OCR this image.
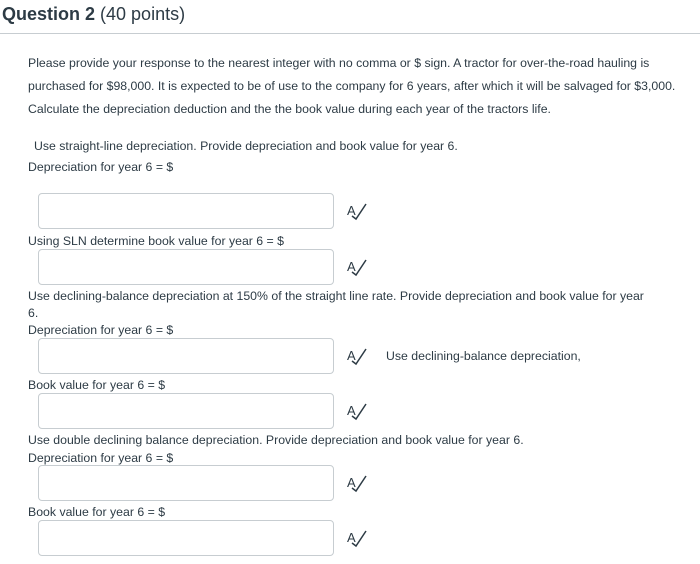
Question 2 (40 points)
Please provide your response to the nearest integer with no comma or $ sign. A tractor for over-the-road hauling is purchased for $98,000. It is expected to be of use to the company for 6 years, after which it will be salvaged for $3,000. Calculate the depreciation deduction and the the book value during each year of the tractors life.
Use straight-line depreciation. Provide depreciation and book value for year 6.
Depreciation for year 6 = $
A
Using SLN determine book value for year 6 = $
A
Use declining-balance depreciation at 150% of the straight line rate. Provide depreciation and book value for year
6.
Depreciation for year 6 = $
A Use declining-balance depreciation,
Book value for year 6 = $
A
Use double declining balance depreciation. Provide depreciation and book value for year 6.
Depreciation for year 6 = $
A
Book value for year 6 = $
A
